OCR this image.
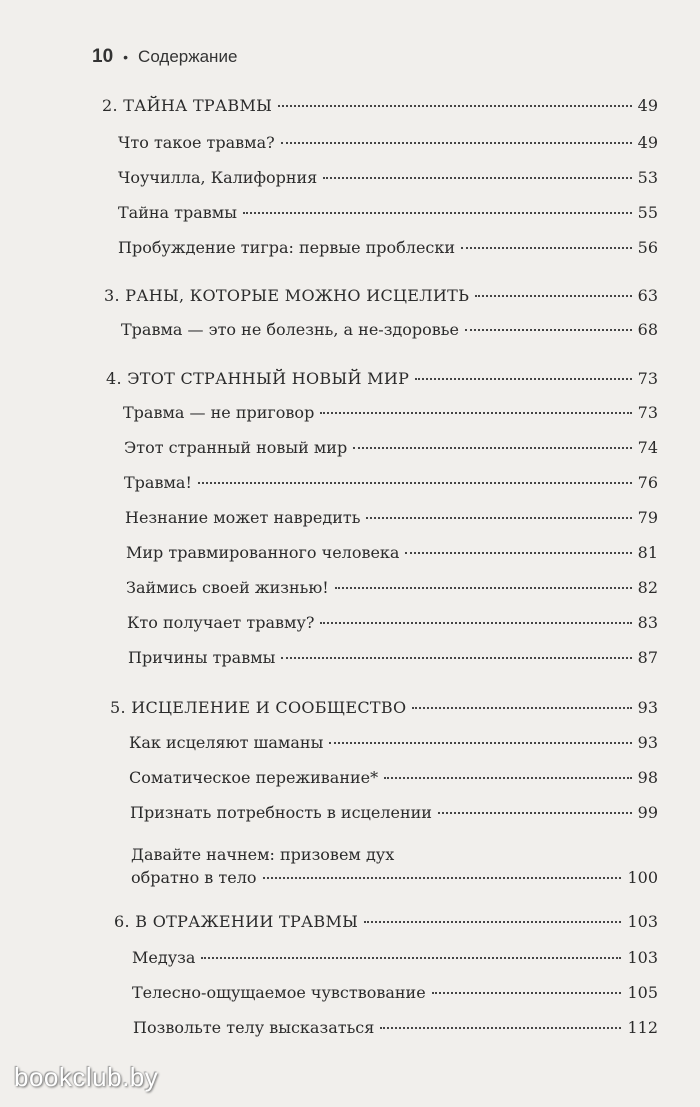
10 • Содержание
2. ТАЙНА ТРАВМЫ	49
Что такое травма?	49
Чоучилла, Калифорния	53
Тайна травмы	55
Пробуждение тигра: первые проблески	56
3. РАНЫ, КОТОРЫЕ МОЖНО ИСЦЕЛИТЬ	63
Травма — это не болезнь, а не-здоровье	68
4. ЭТОТ СТРАННЫЙ НОВЫЙ МИР	73
Травма — не приговор	73
Этот странный новый мир	74
Травма!	76
Незнание может навредить	79
Мир травмированного человека	81
Займись своей жизнью!	82
Кто получает травму?	83
Причины травмы	87
5. ИСЦЕЛЕНИЕ И СООБЩЕСТВО	93
Как исцеляют шаманы	93
Соматическое переживание*	98
Признать потребность в исцелении	99
Давайте начнем: призовем дух
обратно в тело	100
6. В ОТРАЖЕНИИ ТРАВМЫ	103
Медуза	103
Телесно-ощущаемое чувствование	105
Позвольте телу высказаться	112
bookclub.by
